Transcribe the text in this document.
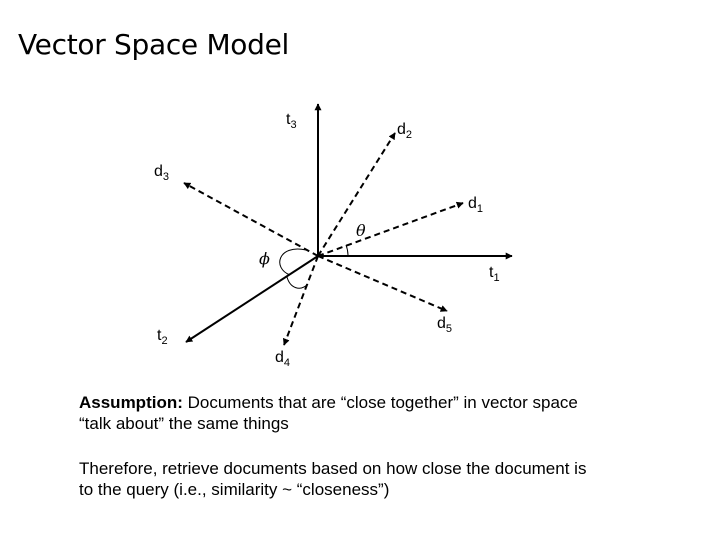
Vector Space Model
$t_3$
$t_1$
$t_2$
$d_1$
$d_2$
$d_3$
$d_4$
$d_5$
θ
ϕ
Assumption: Documents that are “close together” in vector space “talk about” the same things
Therefore, retrieve documents based on how close the document is to the query (i.e., similarity ~ “closeness”)
